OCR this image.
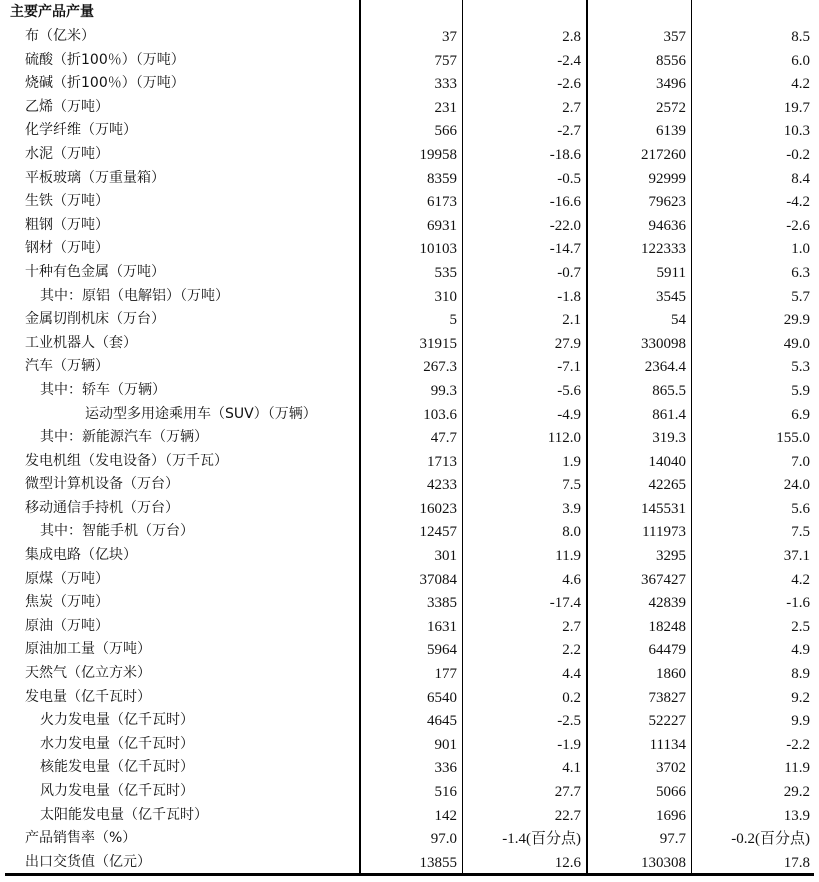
主要产品产量
布（亿米）	37	2.8	357	8.5
硫酸（折100％）（万吨）	757	-2.4	8556	6.0
烧碱（折100％）（万吨）	333	-2.6	3496	4.2
乙烯（万吨）	231	2.7	2572	19.7
化学纤维（万吨）	566	-2.7	6139	10.3
水泥（万吨）	19958	-18.6	217260	-0.2
平板玻璃（万重量箱）	8359	-0.5	92999	8.4
生铁（万吨）	6173	-16.6	79623	-4.2
粗钢（万吨）	6931	-22.0	94636	-2.6
钢材（万吨）	10103	-14.7	122333	1.0
十种有色金属（万吨）	535	-0.7	5911	6.3
其中：原铝（电解铝）（万吨）	310	-1.8	3545	5.7
金属切削机床（万台）	5	2.1	54	29.9
工业机器人（套）	31915	27.9	330098	49.0
汽车（万辆）	267.3	-7.1	2364.4	5.3
其中：轿车（万辆）	99.3	-5.6	865.5	5.9
运动型多用途乘用车（SUV）（万辆）	103.6	-4.9	861.4	6.9
其中：新能源汽车（万辆）	47.7	112.0	319.3	155.0
发电机组（发电设备）（万千瓦）	1713	1.9	14040	7.0
微型计算机设备（万台）	4233	7.5	42265	24.0
移动通信手持机（万台）	16023	3.9	145531	5.6
其中：智能手机（万台）	12457	8.0	111973	7.5
集成电路（亿块）	301	11.9	3295	37.1
原煤（万吨）	37084	4.6	367427	4.2
焦炭（万吨）	3385	-17.4	42839	-1.6
原油（万吨）	1631	2.7	18248	2.5
原油加工量（万吨）	5964	2.2	64479	4.9
天然气（亿立方米）	177	4.4	1860	8.9
发电量（亿千瓦时）	6540	0.2	73827	9.2
火力发电量（亿千瓦时）	4645	-2.5	52227	9.9
水力发电量（亿千瓦时）	901	-1.9	11134	-2.2
核能发电量（亿千瓦时）	336	4.1	3702	11.9
风力发电量（亿千瓦时）	516	27.7	5066	29.2
太阳能发电量（亿千瓦时）	142	22.7	1696	13.9
产品销售率（%）	97.0	-1.4(百分点)	97.7	-0.2(百分点)
出口交货值（亿元）	13855	12.6	130308	17.8
